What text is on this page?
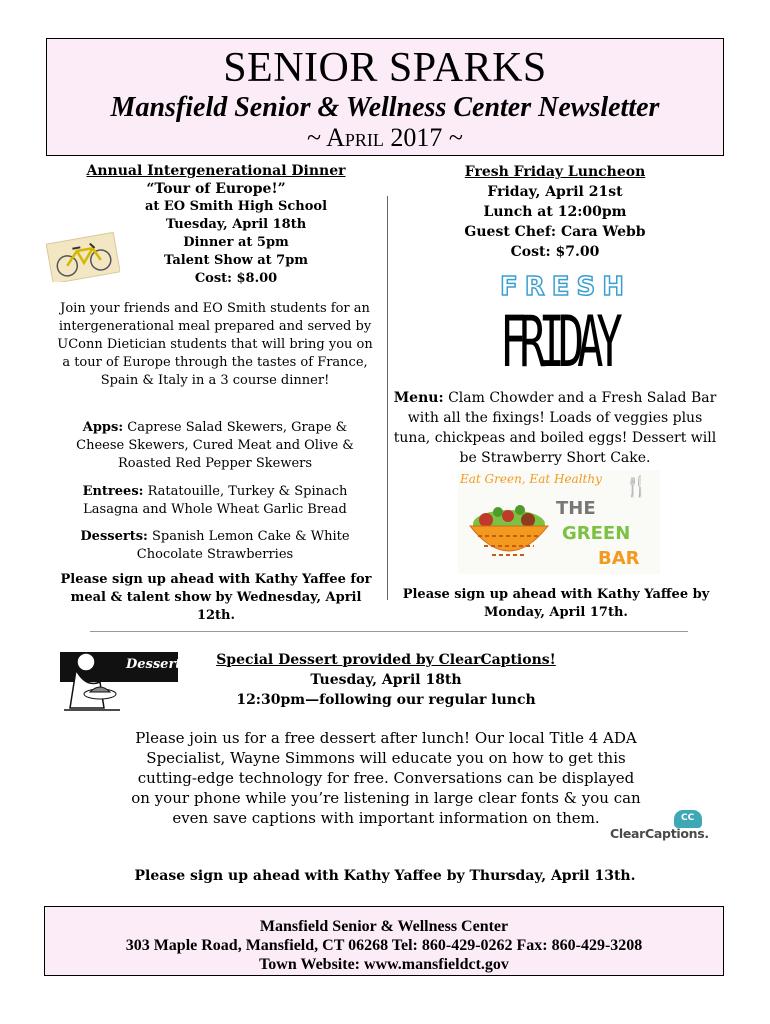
SENIOR SPARKS
Mansfield Senior & Wellness Center Newsletter
~ April 2017 ~
Annual Intergenerational Dinner
“Tour of Europe!”
at EO Smith High School
Tuesday, April 18th
Dinner at 5pm
Talent Show at 7pm
Cost: $8.00
Join your friends and EO Smith students for an intergenerational meal prepared and served by UConn Dietician students that will bring you on a tour of Europe through the tastes of France, Spain & Italy in a 3 course dinner!
Apps: Caprese Salad Skewers, Grape & Cheese Skewers, Cured Meat and Olive & Roasted Red Pepper Skewers
Entrees: Ratatouille, Turkey & Spinach Lasagna and Whole Wheat Garlic Bread
Desserts: Spanish Lemon Cake & White Chocolate Strawberries
Please sign up ahead with Kathy Yaffee for meal & talent show by Wednesday, April 12th.
Fresh Friday Luncheon
Friday, April 21st
Lunch at 12:00pm
Guest Chef: Cara Webb
Cost: $7.00
FRESH
FRIDAY
Menu: Clam Chowder and a Fresh Salad Bar with all the fixings! Loads of veggies plus tuna, chickpeas and boiled eggs! Dessert will be Strawberry Short Cake.
Eat Green, Eat Healthy 🍴
THE
GREEN
BAR
Please sign up ahead with Kathy Yaffee by Monday, April 17th.
Desserts	Special Dessert provided by ClearCaptions!
Tuesday, April 18th
12:30pm—following our regular lunch
Please join us for a free dessert after lunch! Our local Title 4 ADA Specialist, Wayne Simmons will educate you on how to get this cutting-edge technology for free. Conversations can be displayed on your phone while you’re listening in large clear fonts & you can even save captions with important information on them.	CC
ClearCaptions.
Please sign up ahead with Kathy Yaffee by Thursday, April 13th.
Mansfield Senior & Wellness Center
303 Maple Road, Mansfield, CT 06268 Tel: 860-429-0262 Fax: 860-429-3208
Town Website: www.mansfieldct.gov
